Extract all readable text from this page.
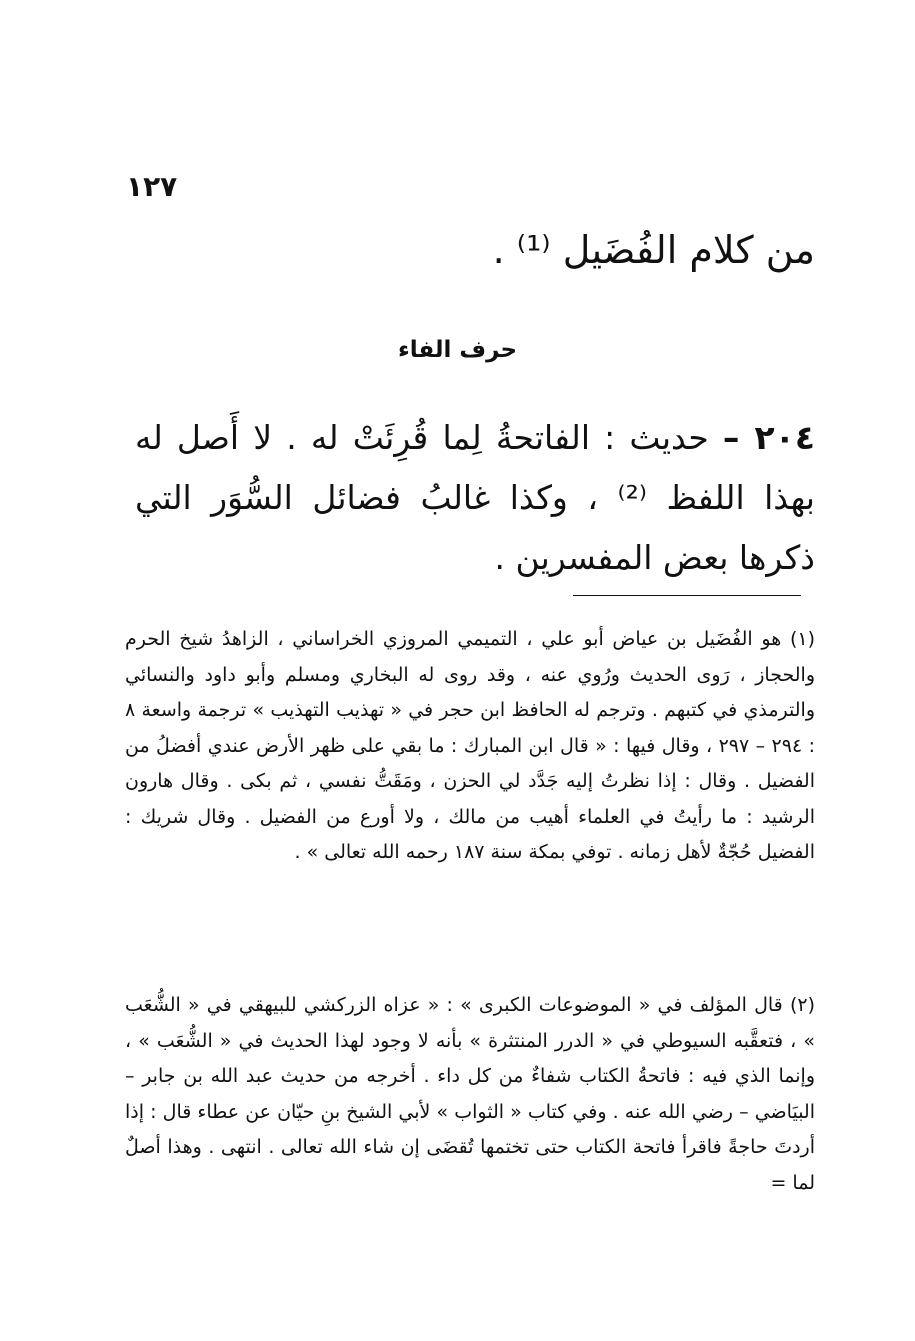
١٢٧
من كلام الفُضَيل ⁽¹⁾ .
حرف الفاء
٢٠٤ – حديث : الفاتحةُ لِما قُرِئَتْ له . لا أَصل له بهذا اللفظ ⁽²⁾ ، وكذا غالبُ فضائل السُّوَر التي ذكرها بعض المفسرين .
(١) هو الفُضَيل بن عياض أبو علي ، التميمي المروزي الخراساني ، الزاهدُ شيخ الحرم والحجاز ، رَوى الحديث ورُوي عنه ، وقد روى له البخاري ومسلم وأبو داود والنسائي والترمذي في كتبهم . وترجم له الحافظ ابن حجر في « تهذيب التهذيب » ترجمة واسعة ٨ : ٢٩٤ – ٢٩٧ ، وقال فيها : « قال ابن المبارك : ما بقي على ظهر الأرض عندي أفضلُ من الفضيل . وقال : إذا نظرتُ إليه جَدَّد لي الحزن ، ومَقَتُّ نفسي ، ثم بكى . وقال هارون الرشيد : ما رأيتُ في العلماء أهيب من مالك ، ولا أورع من الفضيل . وقال شريك : الفضيل حُجّةٌ لأهل زمانه . توفي بمكة سنة ١٨٧ رحمه الله تعالى » .
(٢) قال المؤلف في « الموضوعات الكبرى » : « عزاه الزركشي للبيهقي في « الشُّعَب » ، فتعقَّبه السيوطي في « الدرر المنتثرة » بأنه لا وجود لهذا الحديث في « الشُّعَب » ، وإنما الذي فيه : فاتحةُ الكتاب شفاءٌ من كل داء . أخرجه من حديث عبد الله بن جابر – البيَاضي – رضي الله عنه . وفي كتاب « الثواب » لأبي الشيخ بنِ حيّان عن عطاء قال : إذا أردتَ حاجةً فاقرأ فاتحة الكتاب حتى تختمها تُقضَى إن شاء الله تعالى . انتهى . وهذا أصلٌ لما =
